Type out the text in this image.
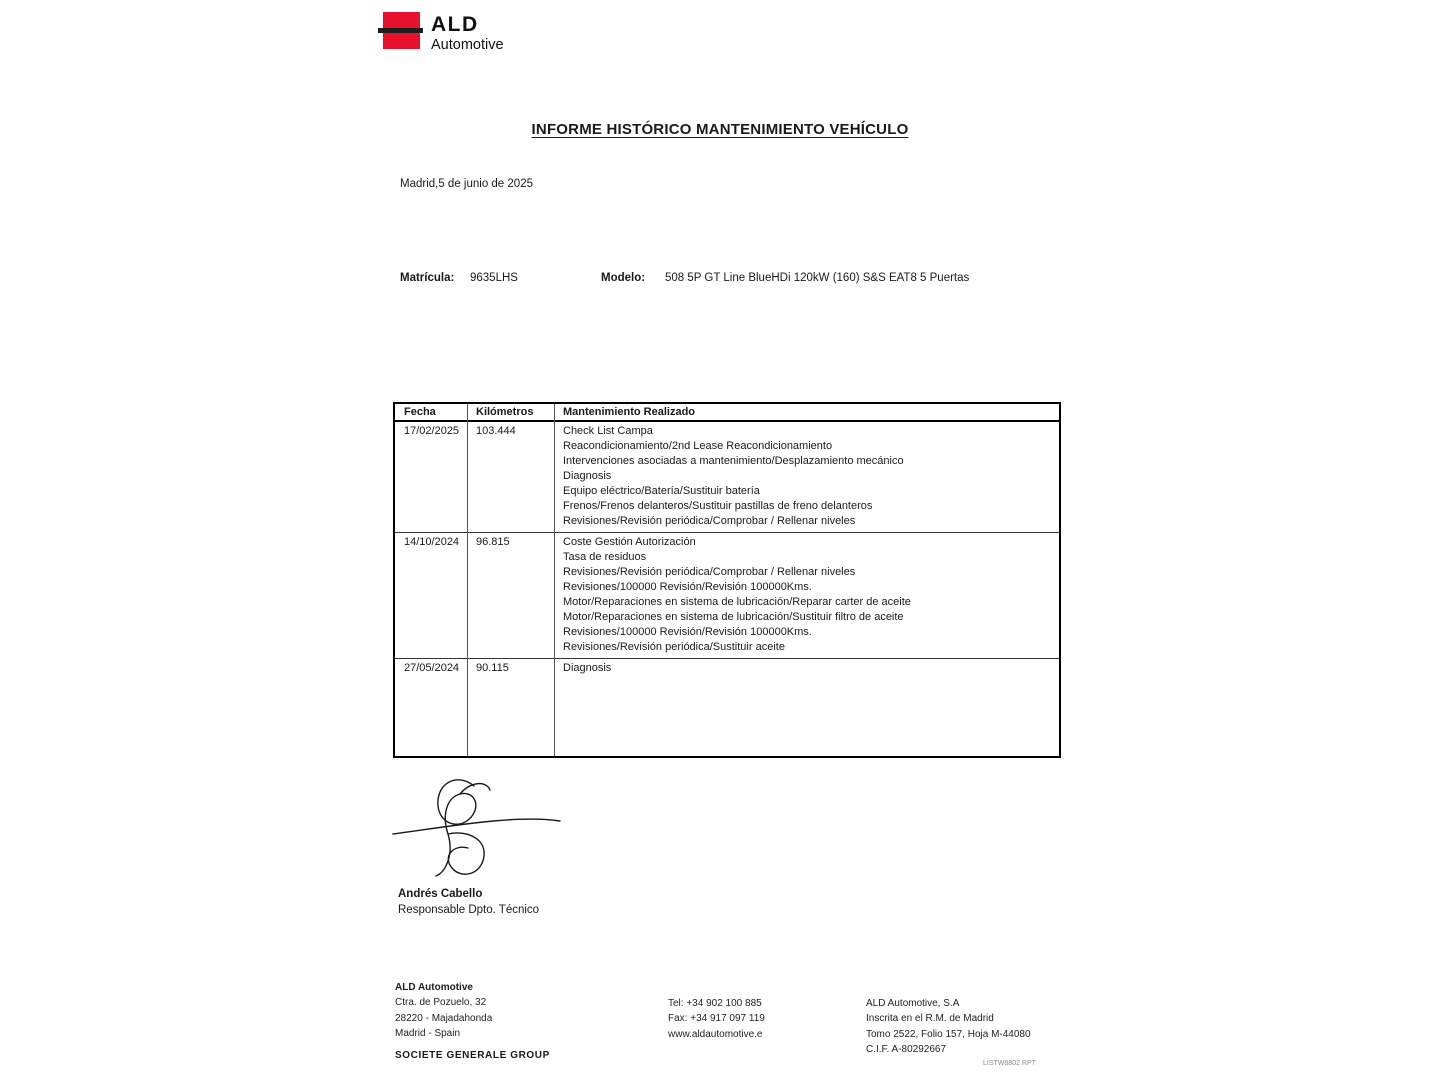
ALD
Automotive
INFORME HISTÓRICO MANTENIMIENTO VEHÍCULO
Madrid,5 de junio de 2025
Matrícula: 9635LHS	Modelo: 508 5P GT Line BlueHDi 120kW (160) S&S EAT8 5 Puertas
Fecha	Kilómetros	Mantenimiento Realizado
17/02/2025	103.444	Check List Campa
Reacondicionamiento/2nd Lease Reacondicionamiento
Intervenciones asociadas a mantenimiento/Desplazamiento mecánico
Diagnosis
Equipo eléctrico/Batería/Sustituir batería
Frenos/Frenos delanteros/Sustituir pastillas de freno delanteros
Revisiones/Revisión periódica/Comprobar / Rellenar niveles
14/10/2024	96.815	Coste Gestión Autorización
Tasa de residuos
Revisiones/Revisión periódica/Comprobar / Rellenar niveles
Revisiones/100000 Revisión/Revisión 100000Kms.
Motor/Reparaciones en sistema de lubricación/Reparar carter de aceite
Motor/Reparaciones en sistema de lubricación/Sustituir filtro de aceite
Revisiones/100000 Revisión/Revisión 100000Kms.
Revisiones/Revisión periódica/Sustituir aceite
27/05/2024	90.115	Diagnosis
Andrés Cabello
Responsable Dpto. Técnico
ALD Automotive
Ctra. de Pozuelo, 32
28220 - Majadahonda
Madrid - Spain
Tel: +34 902 100 885
Fax: +34 917 097 119
www.aldautomotive.e
ALD Automotive, S.A
Inscrita en el R.M. de Madrid
Tomo 2522, Folio 157, Hoja M-44080
C.I.F. A-80292667
SOCIETE GENERALE GROUP
LISTW8802 RPT
